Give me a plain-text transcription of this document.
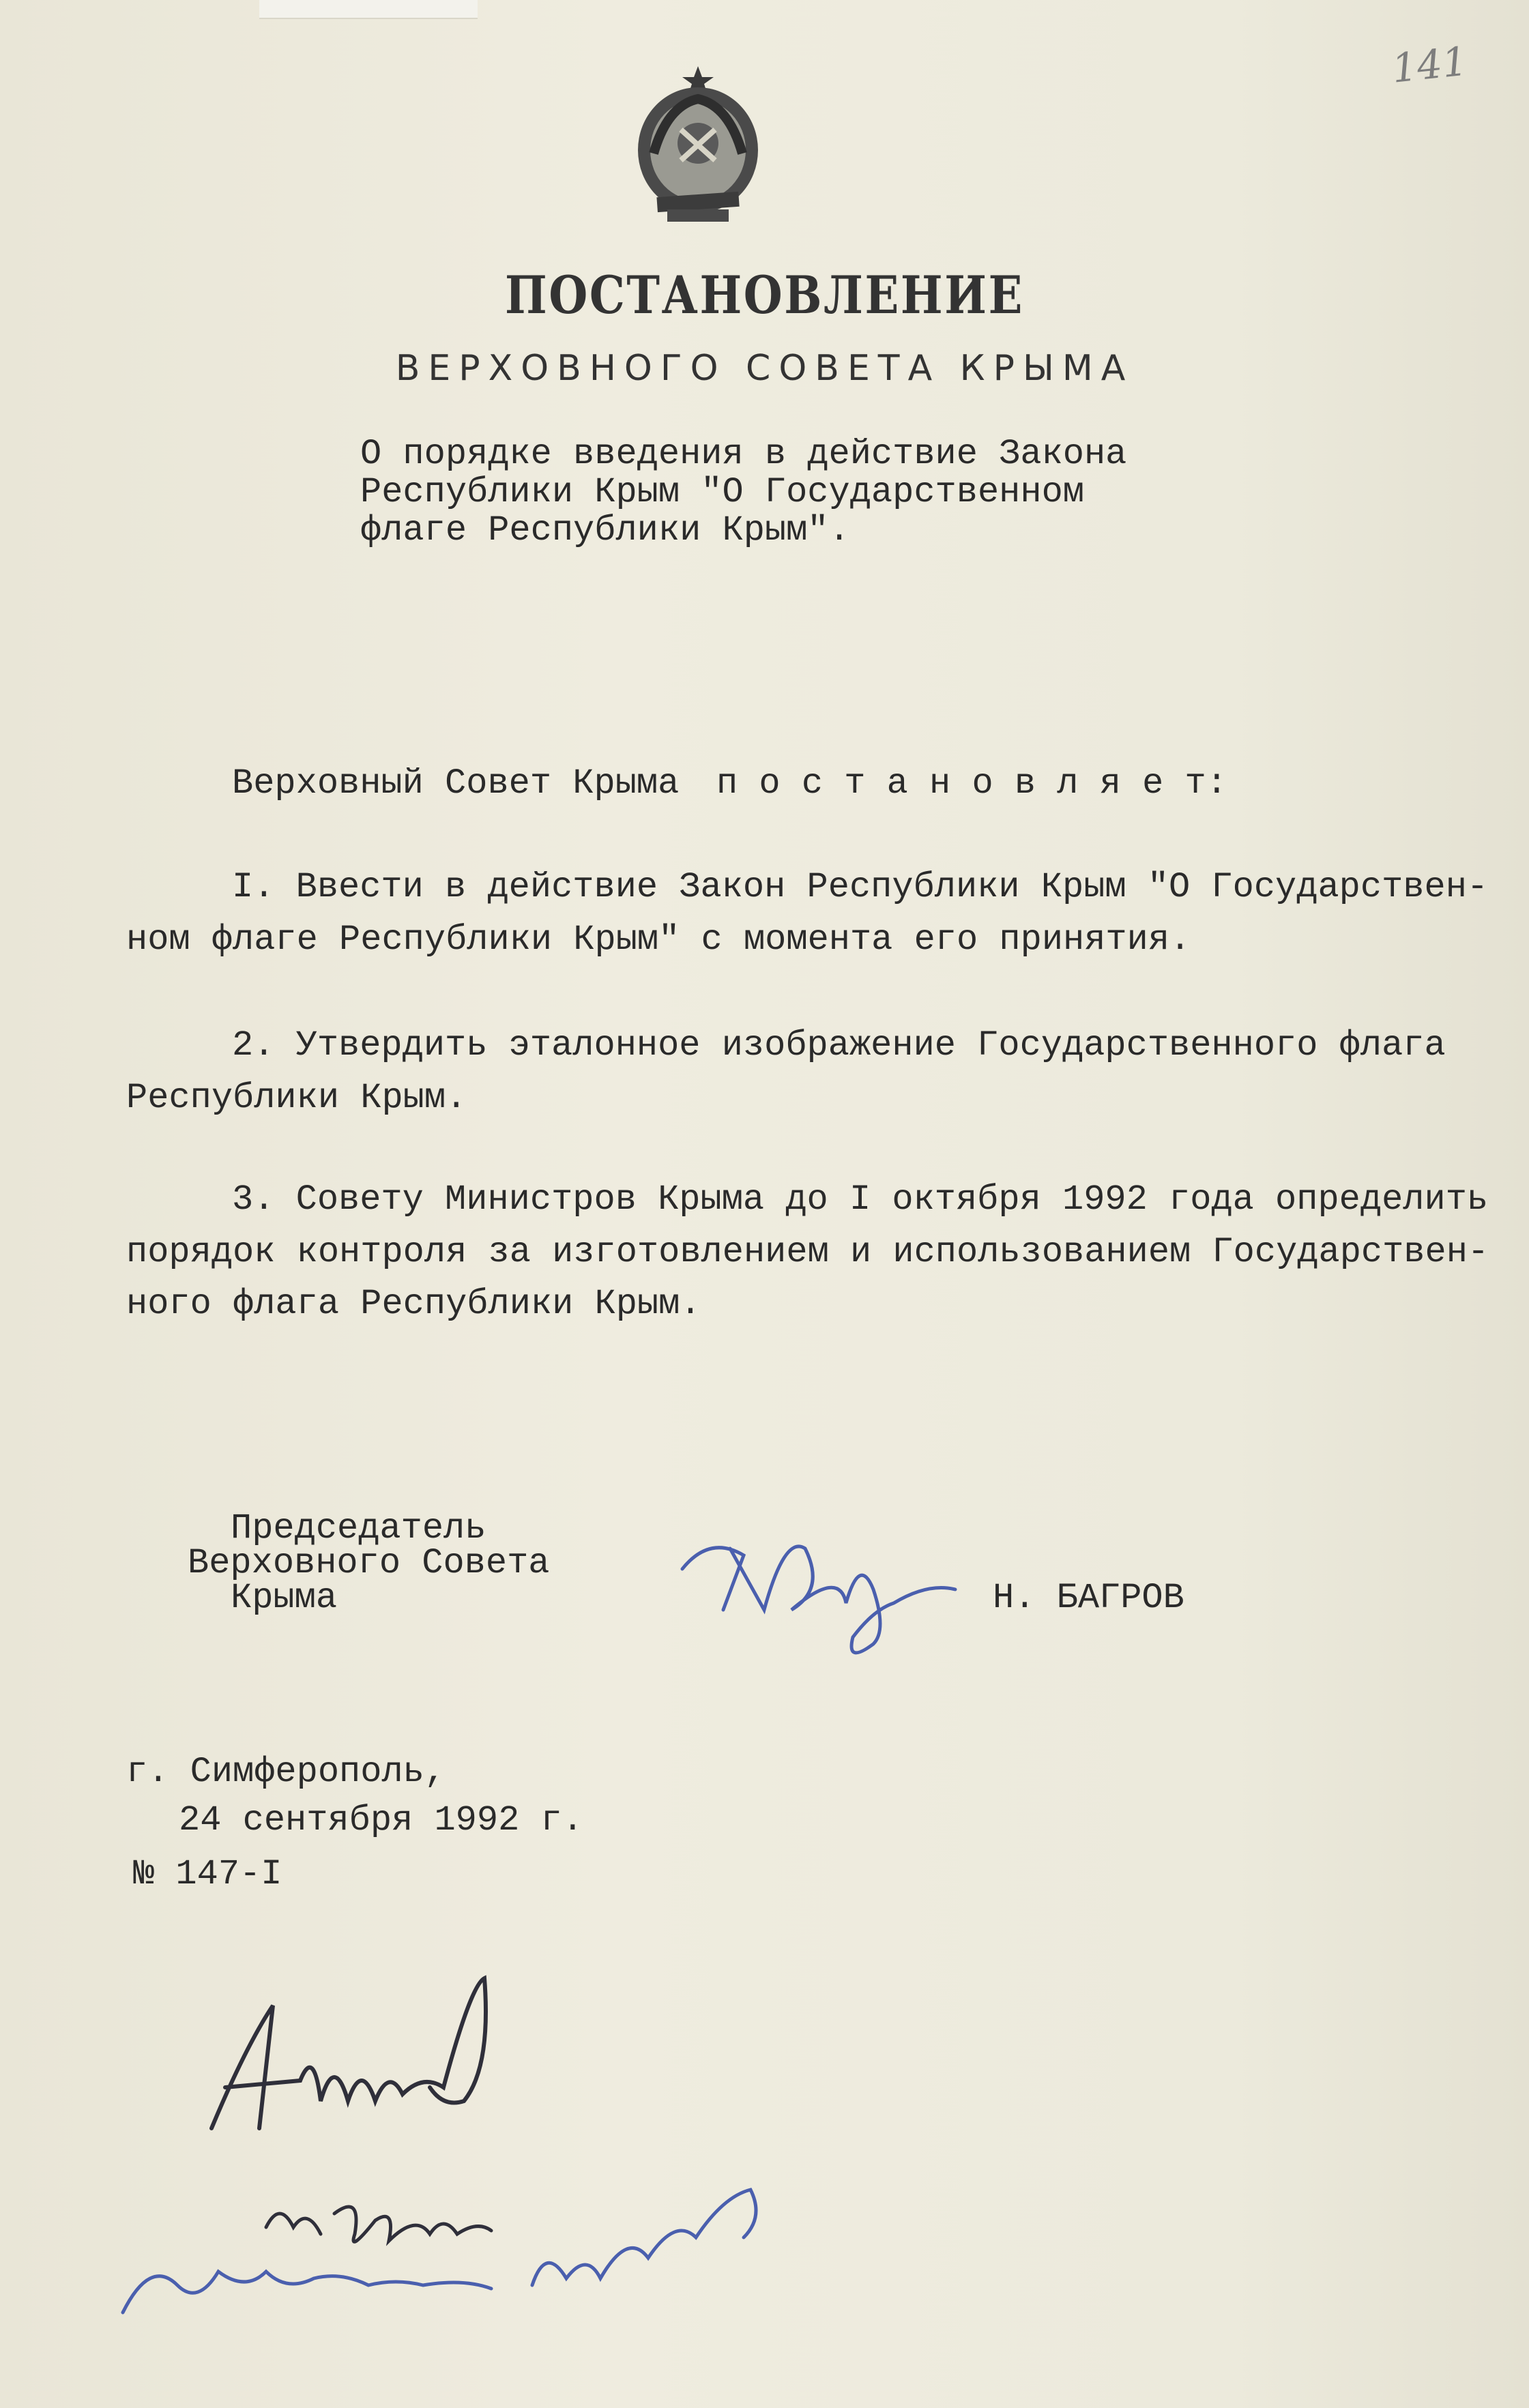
141
ПОСТАНОВЛЕНИЕ
ВЕРХОВНОГО СОВЕТА КРЫМА
О порядке введения в действие Закона
Республики Крым "О Государственном
флаге Республики Крым".
Верховный Совет Крыма п о с т а н о в л я е т:
I. Ввести в действие Закон Республики Крым "О Государствен-
ном флаге Республики Крым" с момента его принятия.
2. Утвердить эталонное изображение Государственного флага
Республики Крым.
3. Совету Министров Крыма до I октября 1992 года определить
порядок контроля за изготовлением и использованием Государствен-
ного флага Республики Крым.
Председатель
Верховного Совета
Крыма	Н. БАГРОВ
г. Симферополь,
24 сентября 1992 г.
№ 147-I
